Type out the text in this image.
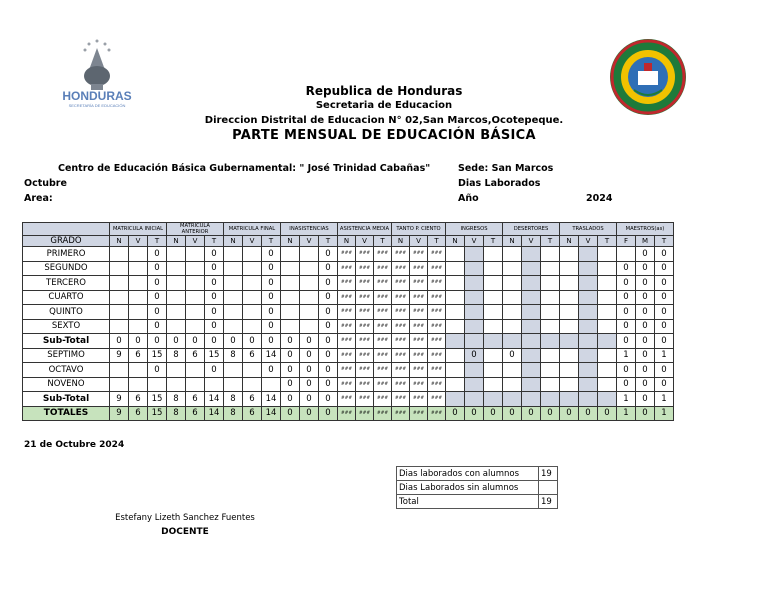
HONDURAS
SECRETARÍA DE EDUCACIÓN
Republica de Honduras
Secretaria de Educacion
Direccion Distrital de Educacion N° 02,San Marcos,Ocotepeque.
PARTE MENSUAL DE EDUCACIÓN BÁSICA
Centro de Educación Básica Gubernamental: " José Trinidad Cabañas"
Octubre
Area:
Sede: San Marcos
Dias Laborados
Año	2024
	MATRICULA INICIAL			MATRICULA ANTERIOR			MATRICULA FINAL			INASISTENCIAS			ASISTENCIA MEDIA			TANTO P. CIENTO			INGRESOS			DESERTORES			TRASLADOS			MAESTROS(as)		
GRADO	N	V	T	N	V	T	N	V	T	N	V	T	N	V	T	N	V	T	N	V	T	N	V	T	N	V	T	F	M	T
PRIMERO			0			0			0			0	###	###	###	###	###	###											0	0
SEGUNDO			0			0			0			0	###	###	###	###	###	###										0	0	0
TERCERO			0			0			0			0	###	###	###	###	###	###										0	0	0
CUARTO			0			0			0			0	###	###	###	###	###	###										0	0	0
QUINTO			0			0			0			0	###	###	###	###	###	###										0	0	0
SEXTO			0			0			0			0	###	###	###	###	###	###										0	0	0
Sub-Total	0	0	0	0	0	0	0	0	0	0	0	0	###	###	###	###	###	###										0	0	0
SEPTIMO	9	6	15	8	6	15	8	6	14	0	0	0	###	###	###	###	###	###		0		0						1	0	1
OCTAVO			0			0			0	0	0	0	###	###	###	###	###	###										0	0	0
NOVENO										0	0	0	###	###	###	###	###	###										0	0	0
Sub-Total	9	6	15	8	6	14	8	6	14	0	0	0	###	###	###	###	###	###										1	0	1
TOTALES	9	6	15	8	6	14	8	6	14	0	0	0	###	###	###	###	###	###	0	0	0	0	0	0	0	0	0	1	0	1
21 de Octubre 2024
Dias laborados con alumnos	19
Dias Laborados sin alumnos	
Total	19
Estefany Lizeth Sanchez Fuentes
DOCENTE
